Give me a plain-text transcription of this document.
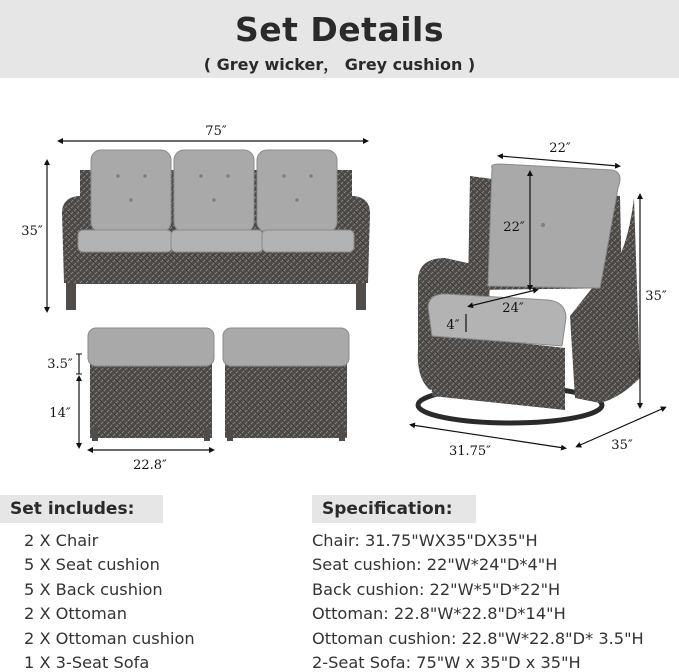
Set Details
( Grey wicker， Grey cushion )
75″
35″
3.5″
14″
22.8″
22″
22″
24″
4″
35″
31.75″	35″
Set includes:
2 X Chair
5 X Seat cushion
5 X Back cushion
2 X Ottoman
2 X Ottoman cushion
1 X 3-Seat Sofa
Specification:
Chair: 31.75"WX35"DX35"H
Seat cushion: 22"W*24"D*4"H
Back cushion: 22"W*5"D*22"H
Ottoman: 22.8"W*22.8"D*14"H
Ottoman cushion: 22.8"W*22.8"D* 3.5"H
2-Seat Sofa: 75"W x 35"D x 35"H
